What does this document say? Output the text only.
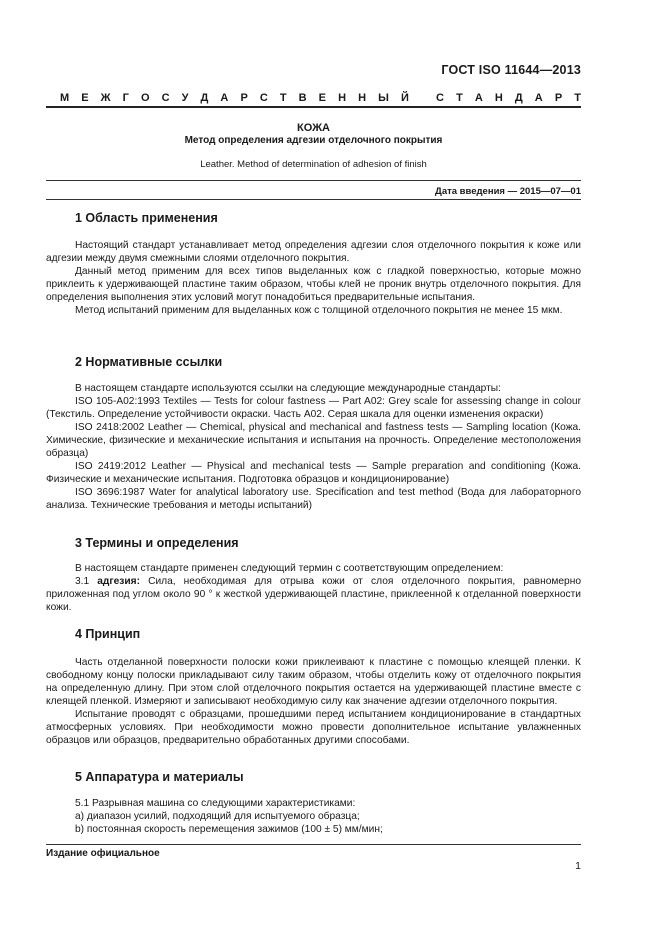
ГОСТ ISO 11644—2013
М Е Ж Г О С У Д А Р С Т В Е Н Н Ы Й
С Т А Н Д А Р Т
КОЖА
Метод определения адгезии отделочного покрытия
Leather. Method of determination of adhesion of finish
Дата введения — 2015—07—01
1 Область применения

Настоящий стандарт устанавливает метод определения адгезии слоя отделочного покрытия к коже или адгезии между двумя смежными слоями отделочного покрытия.

Данный метод применим для всех типов выделанных кож с гладкой поверхностью, которые можно приклеить к удерживающей пластине таким образом, чтобы клей не проник внутрь отделочного покрытия. Для определения выполнения этих условий могут понадобиться предварительные испытания.

Метод испытаний применим для выделанных кож с толщиной отделочного покрытия не менее 15 мкм.

2 Нормативные ссылки

В настоящем стандарте используются ссылки на следующие международные стандарты:

ISO 105-A02:1993 Textiles — Tests for colour fastness — Part A02: Grey scale for assessing change in colour (Текстиль. Определение устойчивости окраски. Часть А02. Серая шкала для оценки изменения окраски)

ISO 2418:2002 Leather — Chemical, physical and mechanical and fastness tests — Sampling location (Кожа. Химические, физические и механические испытания и испытания на прочность. Определение местоположения образца)

ISO 2419:2012 Leather — Physical and mechanical tests — Sample preparation and conditioning (Кожа. Физические и механические испытания. Подготовка образцов и кондиционирование)

ISO 3696:1987 Water for analytical laboratory use. Specification and test method (Вода для лабораторного анализа. Технические требования и методы испытаний)

3 Термины и определения

В настоящем стандарте применен следующий термин с соответствующим определением:

3.1 адгезия: Сила, необходимая для отрыва кожи от слоя отделочного покрытия, равномерно приложенная под углом около 90 ° к жесткой удерживающей пластине, приклеенной к отделанной поверхности кожи.

4 Принцип

Часть отделанной поверхности полоски кожи приклеивают к пластине с помощью клеящей пленки. К свободному концу полоски прикладывают силу таким образом, чтобы отделить кожу от отделочного покрытия на определенную длину. При этом слой отделочного покрытия остается на удерживающей пластине вместе с клеящей пленкой. Измеряют и записывают необходимую силу как значение адгезии отделочного покрытия.

Испытание проводят с образцами, прошедшими перед испытанием кондиционирование в стандартных атмосферных условиях. При необходимости можно провести дополнительное испытание увлажненных образцов или образцов, предварительно обработанных другими способами.

5 Аппаратура и материалы

5.1 Разрывная машина со следующими характеристиками:

а) диапазон усилий, подходящий для испытуемого образца;

b) постоянная скорость перемещения зажимов (100 ± 5) мм/мин;

Издание официальное
1
